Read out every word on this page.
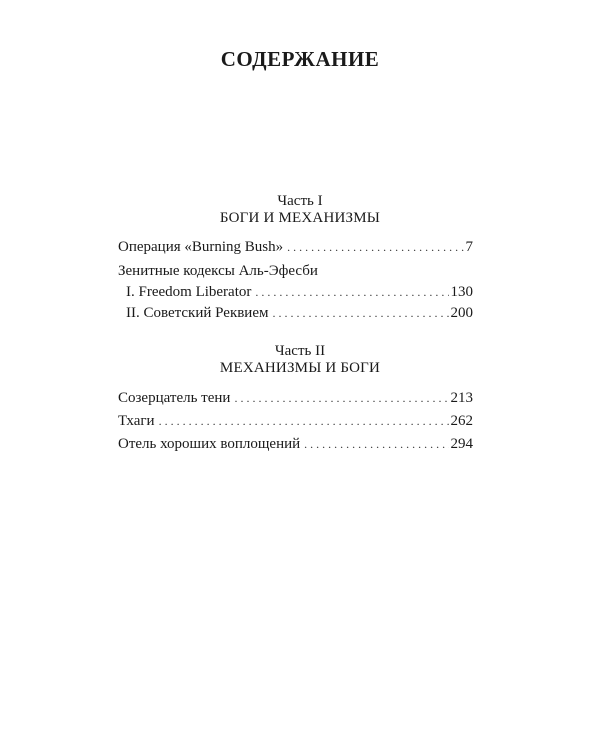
СОДЕРЖАНИЕ
Часть I
БОГИ И МЕХАНИЗМЫ
Операция «Burning Bush» . . .	7
Зенитные кодексы Аль-Эфесби
I. Freedom Liberator . . .	130
II. Советский Реквием . . .	200
Часть II
МЕХАНИЗМЫ И БОГИ
Созерцатель тени . . .	213
Тхаги . . .	262
Отель хороших воплощений . . .	294
